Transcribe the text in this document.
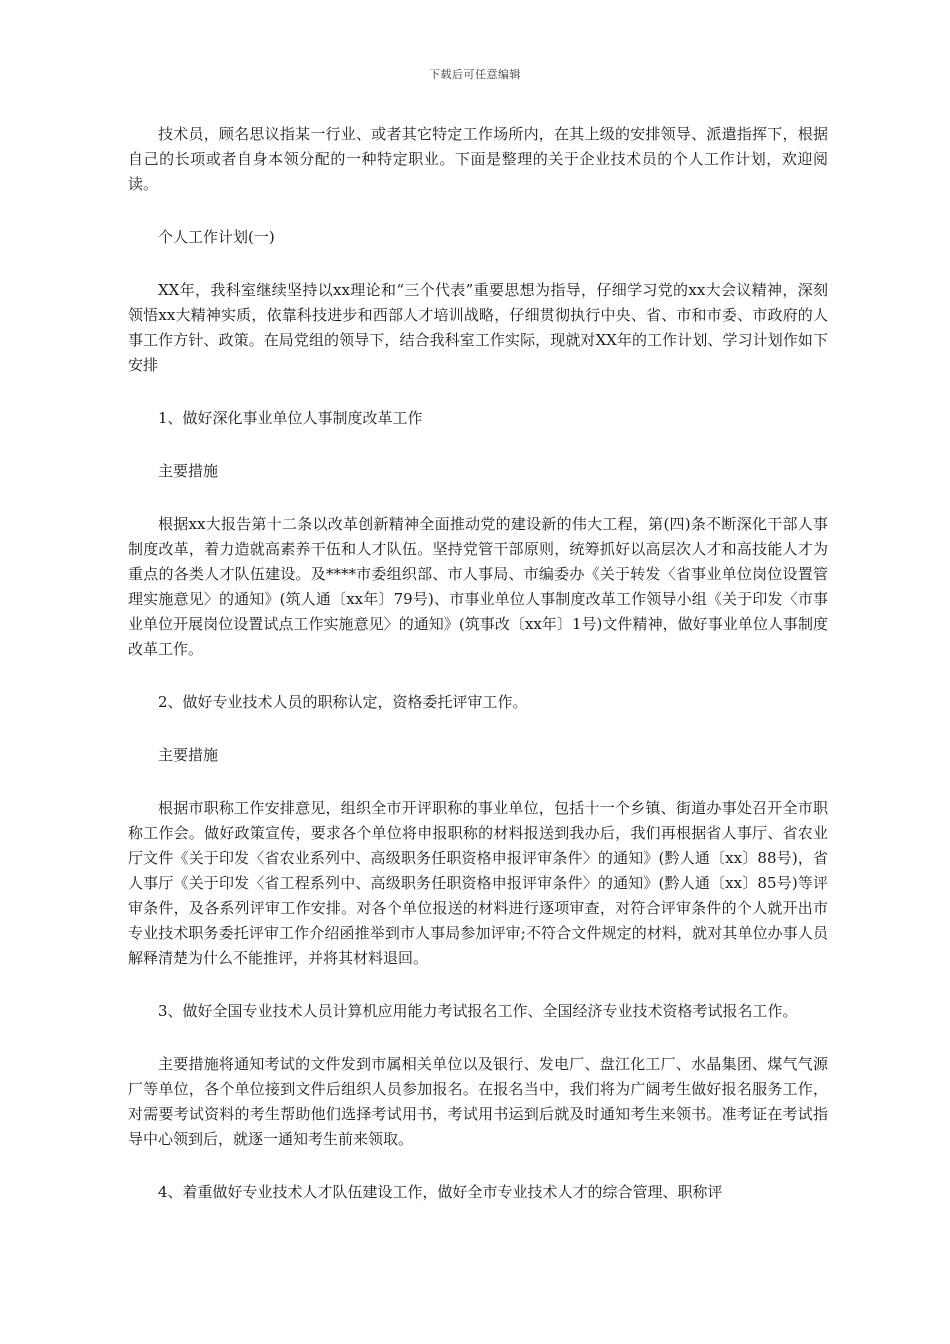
下载后可任意编辑

技术员，顾名思议指某一行业、或者其它特定工作场所内，在其上级的安排领导、派遣指挥下，根据自己的长项或者自身本领分配的一种特定职业。下面是整理的关于企业技术员的个人工作计划，欢迎阅读。

个人工作计划(一)

XX年，我科室继续坚持以xx理论和“三个代表”重要思想为指导，仔细学习党的xx大会议精神，深刻领悟xx大精神实质，依靠科技进步和西部人才培训战略，仔细贯彻执行中央、省、市和市委、市政府的人事工作方针、政策。在局党组的领导下，结合我科室工作实际，现就对XX年的工作计划、学习计划作如下安排

1、做好深化事业单位人事制度改革工作

主要措施

根据xx大报告第十二条以改革创新精神全面推动党的建设新的伟大工程，第(四)条不断深化干部人事制度改革，着力造就高素养干伍和人才队伍。坚持党管干部原则，统筹抓好以高层次人才和高技能人才为重点的各类人才队伍建设。及****市委组织部、市人事局、市编委办《关于转发〈省事业单位岗位设置管理实施意见〉的通知》(筑人通〔xx年〕79号)、市事业单位人事制度改革工作领导小组《关于印发〈市事业单位开展岗位设置试点工作实施意见〉的通知》(筑事改〔xx年〕1号)文件精神，做好事业单位人事制度改革工作。

2、做好专业技术人员的职称认定，资格委托评审工作。

主要措施

根据市职称工作安排意见，组织全市开评职称的事业单位，包括十一个乡镇、街道办事处召开全市职称工作会。做好政策宣传，要求各个单位将申报职称的材料报送到我办后，我们再根据省人事厅、省农业厅文件《关于印发〈省农业系列中、高级职务任职资格申报评审条件〉的通知》(黔人通〔xx〕88号)，省人事厅《关于印发〈省工程系列中、高级职务任职资格申报评审条件〉的通知》(黔人通〔xx〕85号)等评审条件，及各系列评审工作安排。对各个单位报送的材料进行逐项审查，对符合评审条件的个人就开出市专业技术职务委托评审工作介绍函推举到市人事局参加评审;不符合文件规定的材料，就对其单位办事人员解释清楚为什么不能推评，并将其材料退回。

3、做好全国专业技术人员计算机应用能力考试报名工作、全国经济专业技术资格考试报名工作。

主要措施将通知考试的文件发到市属相关单位以及银行、发电厂、盘江化工厂、水晶集团、煤气气源厂等单位，各个单位接到文件后组织人员参加报名。在报名当中，我们将为广阔考生做好报名服务工作，对需要考试资料的考生帮助他们选择考试用书，考试用书运到后就及时通知考生来领书。准考证在考试指导中心领到后，就逐一通知考生前来领取。

4、着重做好专业技术人才队伍建设工作，做好全市专业技术人才的综合管理、职称评
